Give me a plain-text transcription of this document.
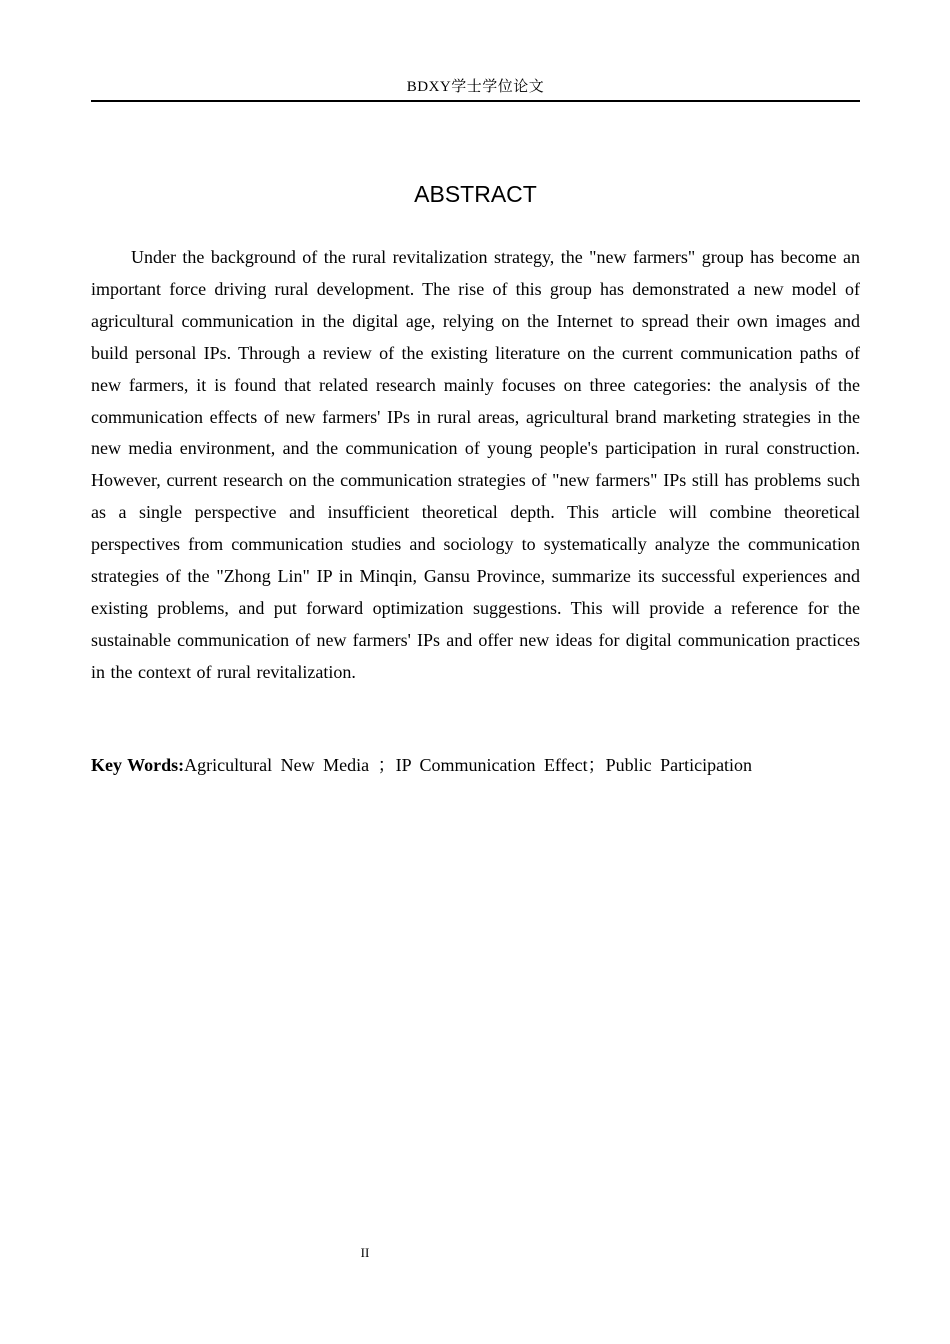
BDXY学士学位论文
ABSTRACT

Under the background of the rural revitalization strategy, the "new farmers" group has become an important force driving rural development. The rise of this group has demonstrated a new model of agricultural communication in the digital age, relying on the Internet to spread their own images and build personal IPs. Through a review of the existing literature on the current communication paths of new farmers, it is found that related research mainly focuses on three categories: the analysis of the communication effects of new farmers' IPs in rural areas, agricultural brand marketing strategies in the new media environment, and the communication of young people's participation in rural construction. However, current research on the communication strategies of "new farmers" IPs still has problems such as a single perspective and insufficient theoretical depth. This article will combine theoretical perspectives from communication studies and sociology to systematically analyze the communication strategies of the "Zhong Lin" IP in Minqin, Gansu Province, summarize its successful experiences and existing problems, and put forward optimization suggestions. This will provide a reference for the sustainable communication of new farmers' IPs and offer new ideas for digital communication practices in the context of rural revitalization.

Key Words:Agricultural New Media ；IP Communication Effect；Public Participation

II
